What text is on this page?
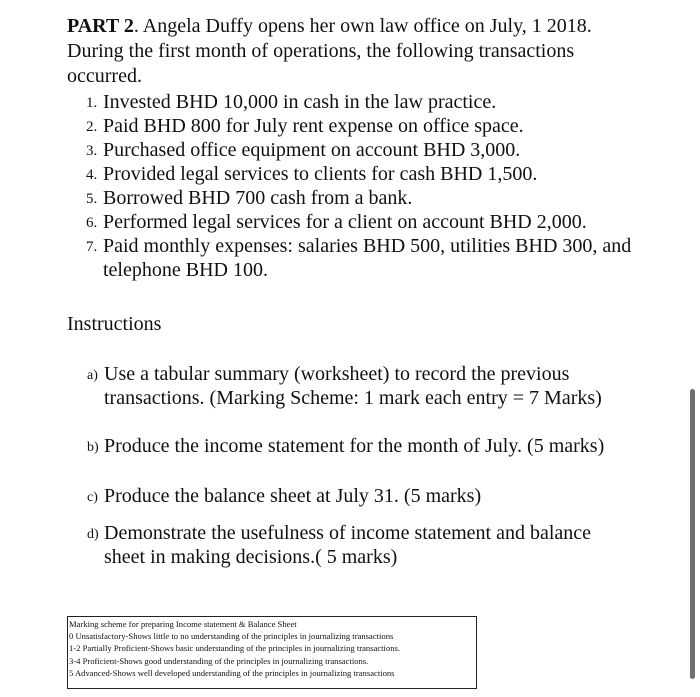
PART 2. Angela Duffy opens her own law office on July, 1 2018. During the first month of operations, the following transactions occurred.
1. Invested BHD 10,000 in cash in the law practice.
2. Paid BHD 800 for July rent expense on office space.
3. Purchased office equipment on account BHD 3,000.
4. Provided legal services to clients for cash BHD 1,500.
5. Borrowed BHD 700 cash from a bank.
6. Performed legal services for a client on account BHD 2,000.
7. Paid monthly expenses: salaries BHD 500, utilities BHD 300, and telephone BHD 100.
Instructions
a) Use a tabular summary (worksheet) to record the previous transactions. (Marking Scheme: 1 mark each entry = 7 Marks)
b) Produce the income statement for the month of July. (5 marks)
c) Produce the balance sheet at July 31. (5 marks)
d) Demonstrate the usefulness of income statement and balance sheet in making decisions.( 5 marks)
Marking scheme for preparing Income statement & Balance Sheet
0 Unsatisfactory-Shows little to no understanding of the principles in journalizing transactions
1-2 Partially Proficient-Shows basic understanding of the principles in journalizing transactions.
3-4 Proficient-Shows good understanding of the principles in journalizing transactions.
5 Advanced-Shows well developed understanding of the principles in journalizing transactions
